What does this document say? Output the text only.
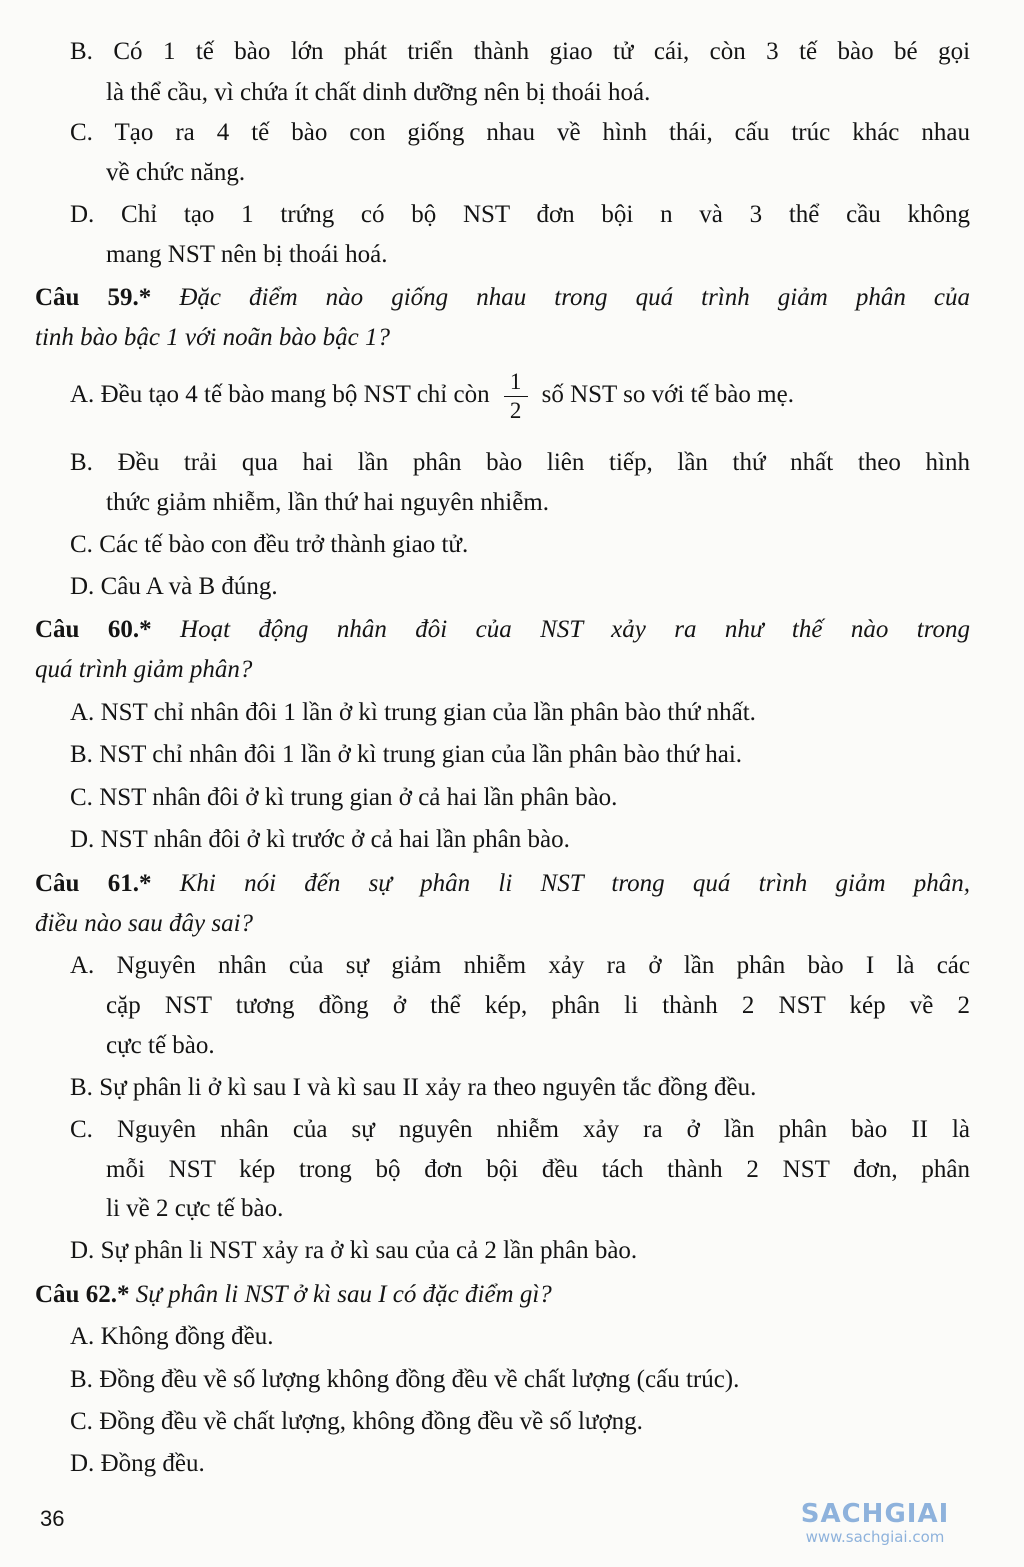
B. Có 1 tế bào lớn phát triển thành giao tử cái, còn 3 tế bào bé gọi
là thể cầu, vì chứa ít chất dinh dưỡng nên bị thoái hoá.
C. Tạo ra 4 tế bào con giống nhau về hình thái, cấu trúc khác nhau
về chức năng.
D. Chỉ tạo 1 trứng có bộ NST đơn bội n và 3 thể cầu không
mang NST nên bị thoái hoá.
Câu 59.* Đặc điểm nào giống nhau trong quá trình giảm phân của
tinh bào bậc 1 với noãn bào bậc 1?
A. Đều tạo 4 tế bào mang bộ NST chỉ còn $\frac{1}{2}$ số NST so với tế bào mẹ.
B. Đều trải qua hai lần phân bào liên tiếp, lần thứ nhất theo hình
thức giảm nhiễm, lần thứ hai nguyên nhiễm.
C. Các tế bào con đều trở thành giao tử.
D. Câu A và B đúng.
Câu 60.* Hoạt động nhân đôi của NST xảy ra như thế nào trong
quá trình giảm phân?
A. NST chỉ nhân đôi 1 lần ở kì trung gian của lần phân bào thứ nhất.
B. NST chỉ nhân đôi 1 lần ở kì trung gian của lần phân bào thứ hai.
C. NST nhân đôi ở kì trung gian ở cả hai lần phân bào.
D. NST nhân đôi ở kì trước ở cả hai lần phân bào.
Câu 61.* Khi nói đến sự phân li NST trong quá trình giảm phân,
điều nào sau đây sai?
A. Nguyên nhân của sự giảm nhiễm xảy ra ở lần phân bào I là các
cặp NST tương đồng ở thể kép, phân li thành 2 NST kép về 2
cực tế bào.
B. Sự phân li ở kì sau I và kì sau II xảy ra theo nguyên tắc đồng đều.
C. Nguyên nhân của sự nguyên nhiễm xảy ra ở lần phân bào II là
mỗi NST kép trong bộ đơn bội đều tách thành 2 NST đơn, phân
li về 2 cực tế bào.
D. Sự phân li NST xảy ra ở kì sau của cả 2 lần phân bào.
Câu 62.* Sự phân li NST ở kì sau I có đặc điểm gì?
A. Không đồng đều.
B. Đồng đều về số lượng không đồng đều về chất lượng (cấu trúc).
C. Đồng đều về chất lượng, không đồng đều về số lượng.
D. Đồng đều.
SACHGIAI
www.sachgiai.com
36
